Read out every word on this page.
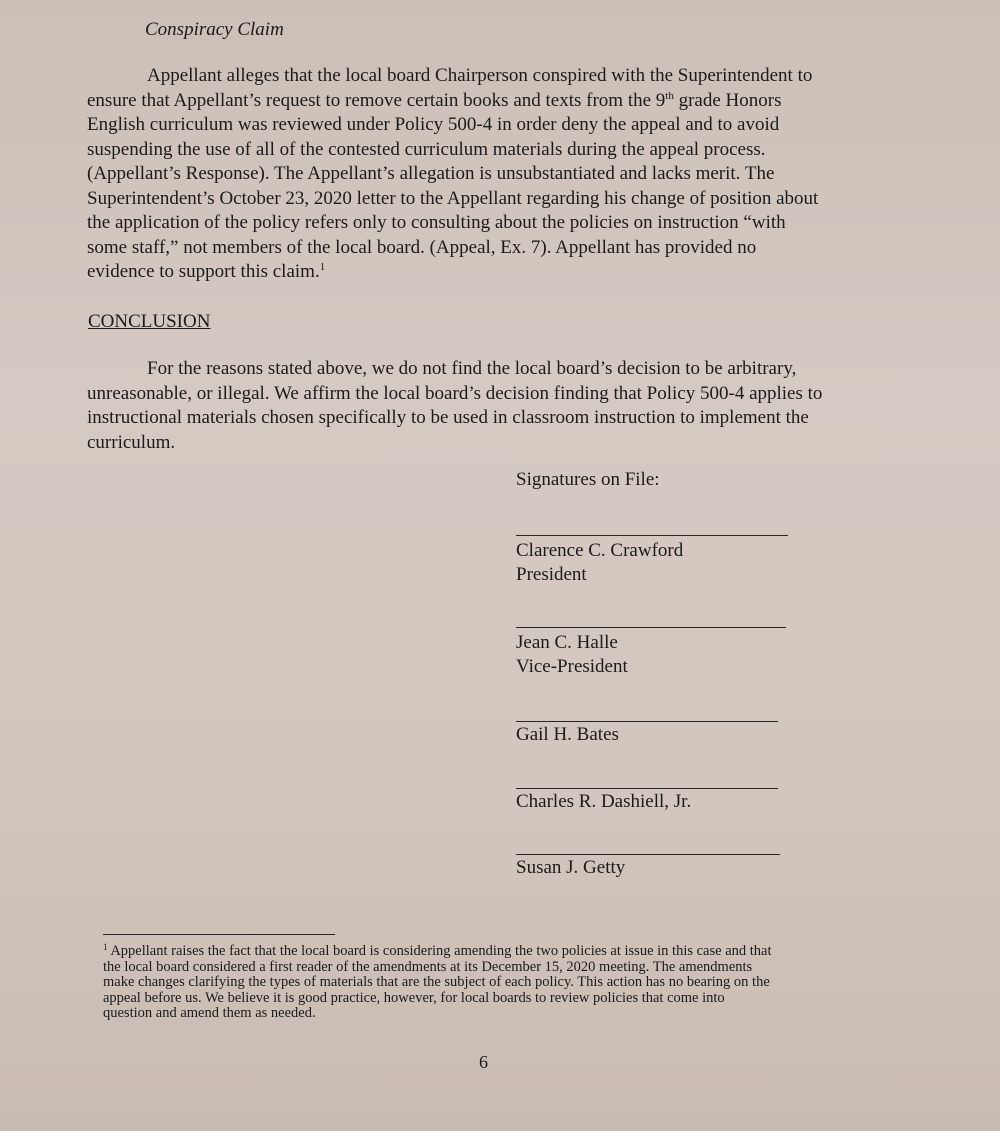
Conspiracy Claim

Appellant alleges that the local board Chairperson conspired with the Superintendent to
ensure that Appellant’s request to remove certain books and texts from the 9th grade Honors
English curriculum was reviewed under Policy 500-4 in order deny the appeal and to avoid
suspending the use of all of the contested curriculum materials during the appeal process.
(Appellant’s Response). The Appellant’s allegation is unsubstantiated and lacks merit. The
Superintendent’s October 23, 2020 letter to the Appellant regarding his change of position about
the application of the policy refers only to consulting about the policies on instruction “with
some staff,” not members of the local board. (Appeal, Ex. 7). Appellant has provided no
evidence to support this claim.$^1$

CONCLUSION

For the reasons stated above, we do not find the local board’s decision to be arbitrary,
unreasonable, or illegal. We affirm the local board’s decision finding that Policy 500-4 applies to
instructional materials chosen specifically to be used in classroom instruction to implement the
curriculum.

Signatures on File:
Clarence C. Crawford
President
Jean C. Halle
Vice-President
Gail H. Bates
Charles R. Dashiell, Jr.
Susan J. Getty

$^1$ Appellant raises the fact that the local board is considering amending the two policies at issue in this case and that
the local board considered a first reader of the amendments at its December 15, 2020 meeting. The amendments
make changes clarifying the types of materials that are the subject of each policy. This action has no bearing on the
appeal before us. We believe it is good practice, however, for local boards to review policies that come into
question and amend them as needed.

6
